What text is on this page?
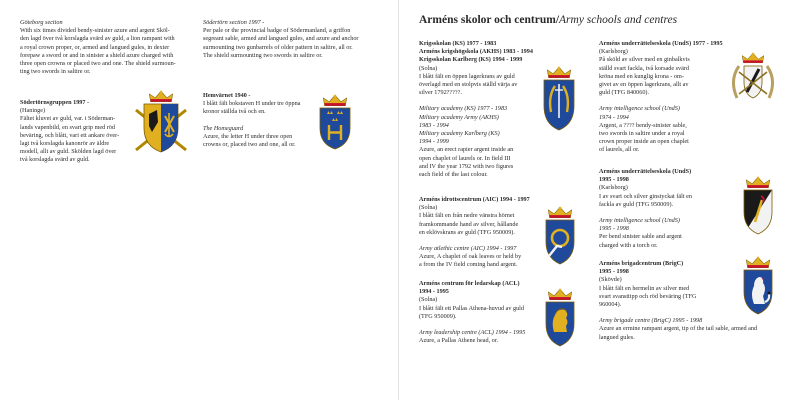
Göteborg section

With six times divided bendy-sinister azure and argent Sköl-

den lagd över två korslagda svärd av guld, a lion rampant with

a royal crown proper, or, armed and langued gules, in dexter

forepaw a sword or and in sinister a shield azure charged with

three open crowns or placed two and one. The shield surmoun-

ting two swords in saltire or.

Södertörnsgruppen 1997 -

(Haninge)

Fältet kluvet av guld, var. i Söderman-

lands vapenbild, en svart grip med röd

beväring, och blått, vari ett ankare över-

lagt två korslagda kanonrör av äldre

modell, allt av guld. Skölden lagd över

två korslagda svärd av guld.

Södertörn section 1997 -

Per pale or the provincial badge of Södermanland, a griffon

segreant sable, armed and langued gules, and azure and anchor

surmounting two gunbarrels of older pattern in saltire, all or.

The shield surmounting two swords in saltire or.

Hemvärnet 1940 -

I blått fält bokstaven H under tre öppna

kronor ställda två och en.

The Homeguard

Azure, the letter H under three open

crowns or, placed two and one, all or.

Arméns skolor och centrum/Army schools and centres

Krigsskolan (KS) 1977 - 1983

Arméns krigshögskola (AKHS) 1983 - 1994

Krigsskolan Karlberg (KS) 1994 - 1999

(Solna)

I blått fält en öppen lagerkrans av guld

överlagd med en stolpvis ställd värja av

silver 1792?????.

Military academy (KS) 1977 - 1983

Military academy Army (AKHS)

1983 - 1994

Military academy Karlberg (KS)

1994 - 1999

Azure, an erect rapier argent inside an

open chaplet of laurels or. In field III

and IV the year 1792 with two figures

each field of the last colour.

Arméns idrottscentrum (AIC) 1994 - 1997

(Solna)

I blått fält en från nedre vänstra hörnet

framkommande hand av silver, hållande

en eklövskrans av guld (TFG 950009).

Army atlethic centre (AIC) 1994 - 1997

Azure, A chaplet of oak leaves or held by

a from the IV field coming hand argent.

Arméns centrum för ledarskap (ACL)

1994 - 1995

(Solna)

I blått fält ett Pallas Athena-huvud av guld

(TFG 950009).

Army leadership centre (ACL) 1994 - 1995

Azure, a Pallas Athene head, or.

Arméns underrättelseskola (UndS) 1977 - 1995

(Karlsborg)

På sköld av silver med en ginbalkvis

ställd svart fackla, två korsade svärd

kröna med en kunglig krona - om-

givet av en öppen lagerkrans, allt av

guld (TFG 840060).

Army intelligence school (UndS)

1974 - 1994

Argent, a ???? bendy-sinister sable,

two swords in saltire under a royal

crown proper inside an open chaplet

of laurels, all or.

Arméns underrättelseskola (UndS)

1995 - 1998

(Karlsborg)

I av svart och silver ginstyckat fält en

fackla av guld (TFG 950009).

Army intelligence school (UndS)

1995 - 1998

Per bend sinister sable and argent

charged with a torch or.

Arméns brigadcentrum (BrigC)

1995 - 1998

(Skövde)

I blått fält en hermelin av silver med

svart svansttipp och röd beväring (TFG

960004).

Army brigade centre (BrigC) 1995 - 1998

Azure an ermine rampant argent, tip of the tail sable, armed and

langued gules.
